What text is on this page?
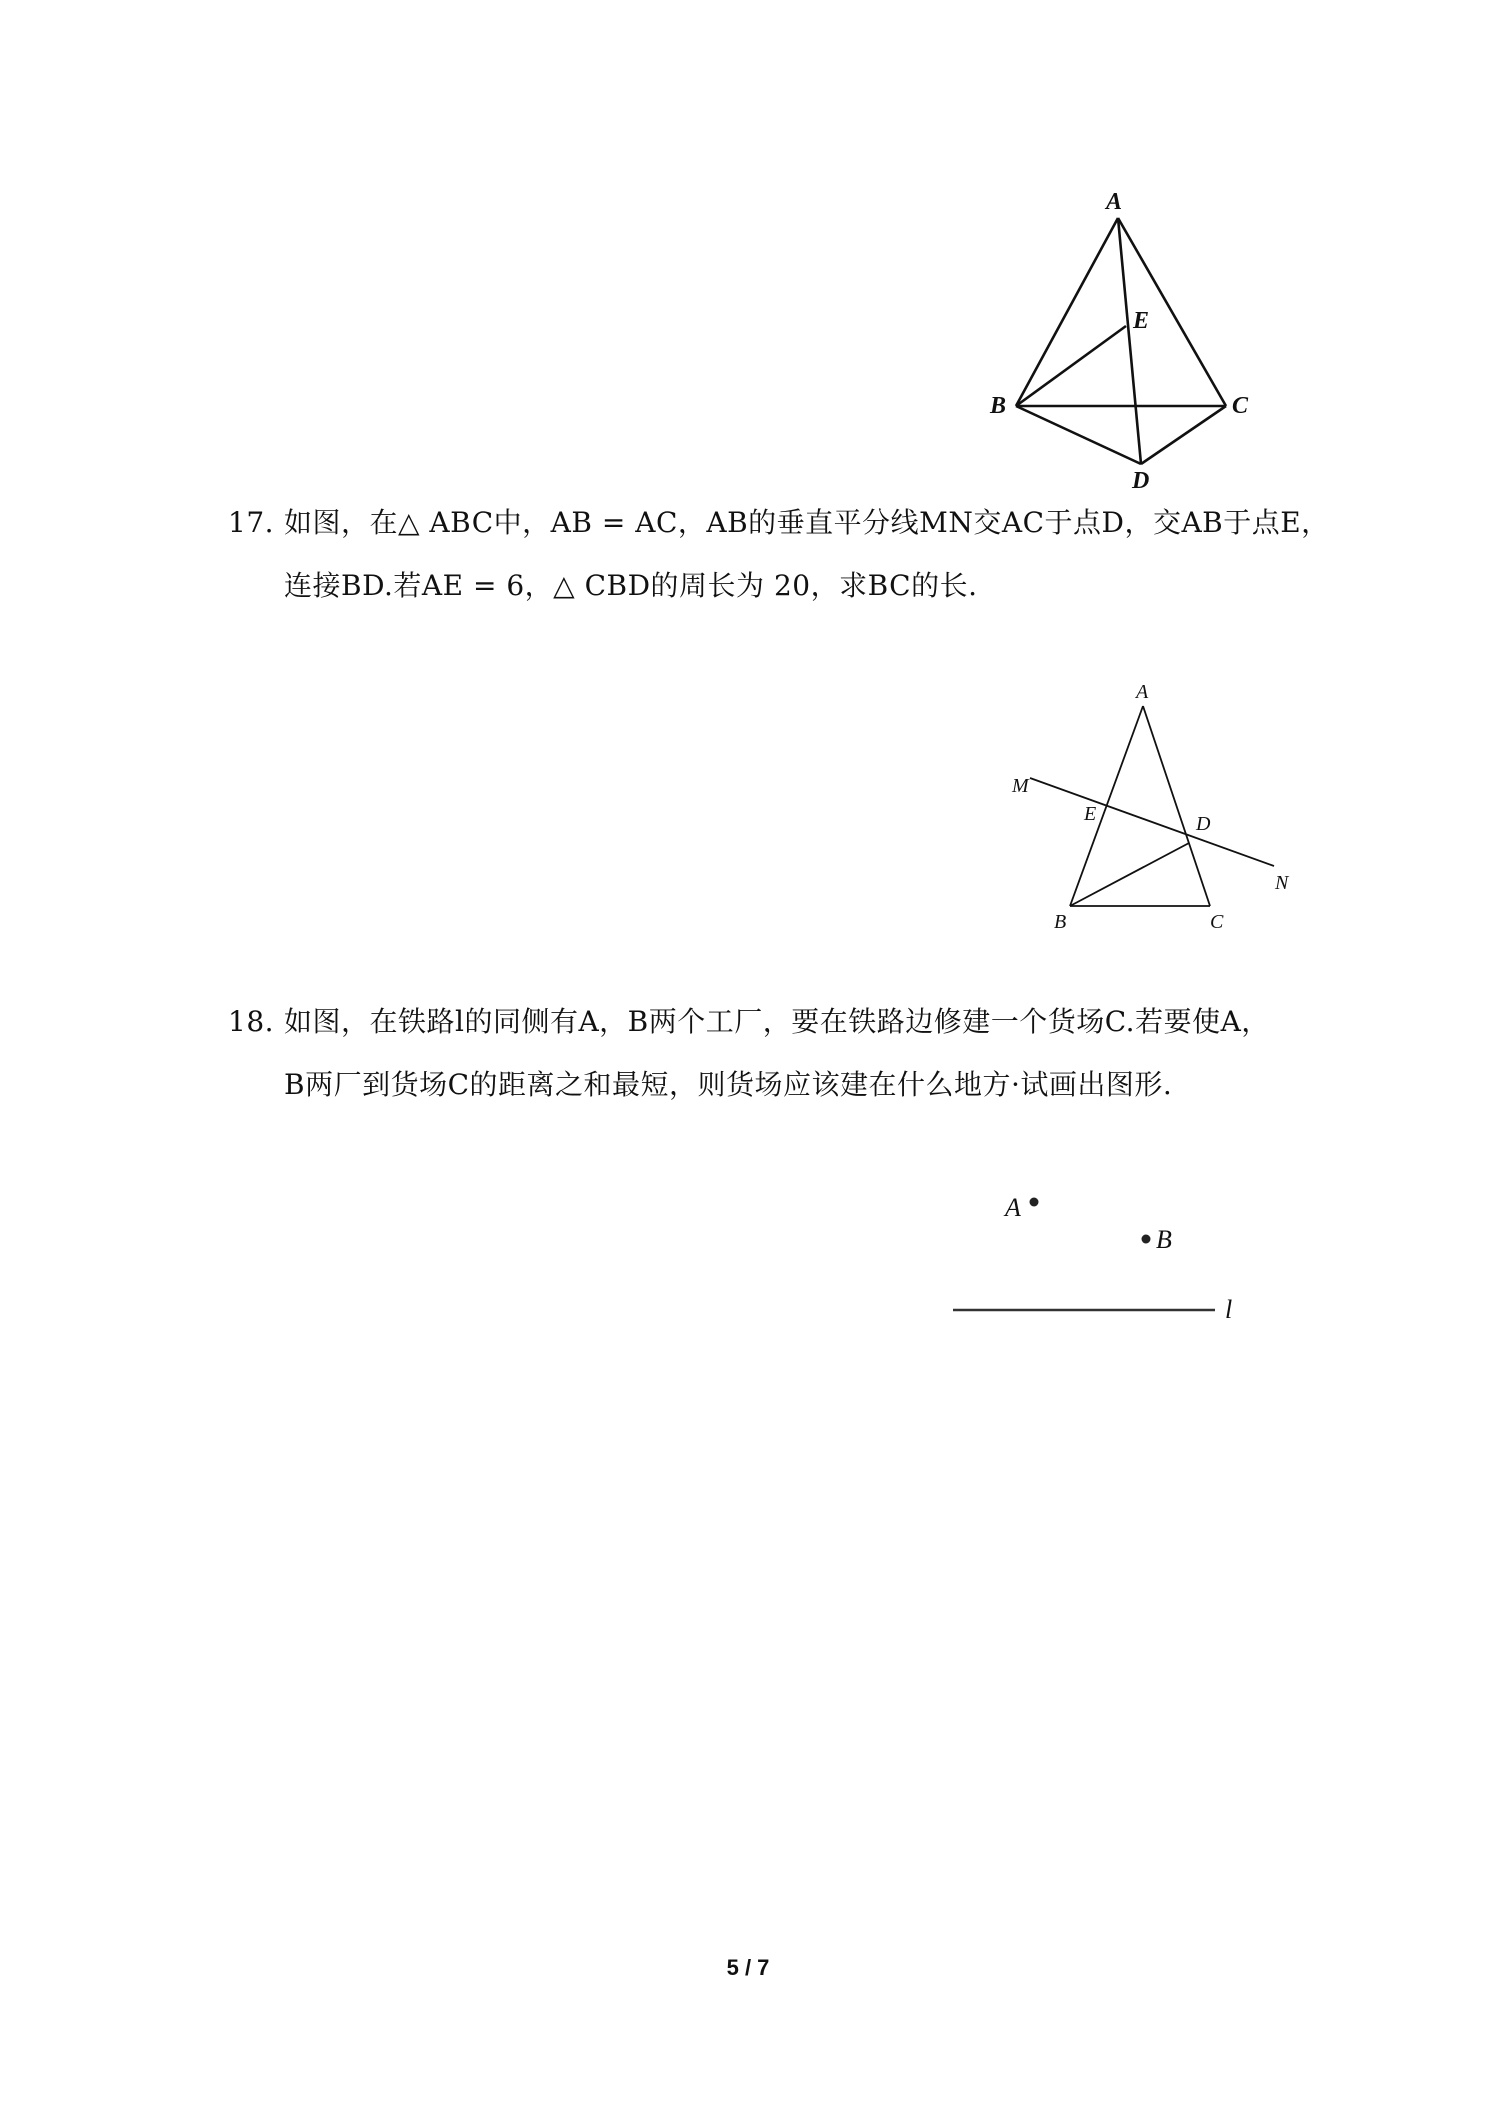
A
B	C
D
E
17. 如图，在△ ABC中，AB = AC，AB的垂直平分线MN交AC于点D，交AB于点E，
连接BD.若AE = 6，△ CBD的周长为 20，求BC的长.
A
B	C
D
E
M
N
18. 如图，在铁路l的同侧有A，B两个工厂，要在铁路边修建一个货场C.若要使A，
B两厂到货场C的距离之和最短，则货场应该建在什么地方·试画出图形.
A
B
l
5 / 7
